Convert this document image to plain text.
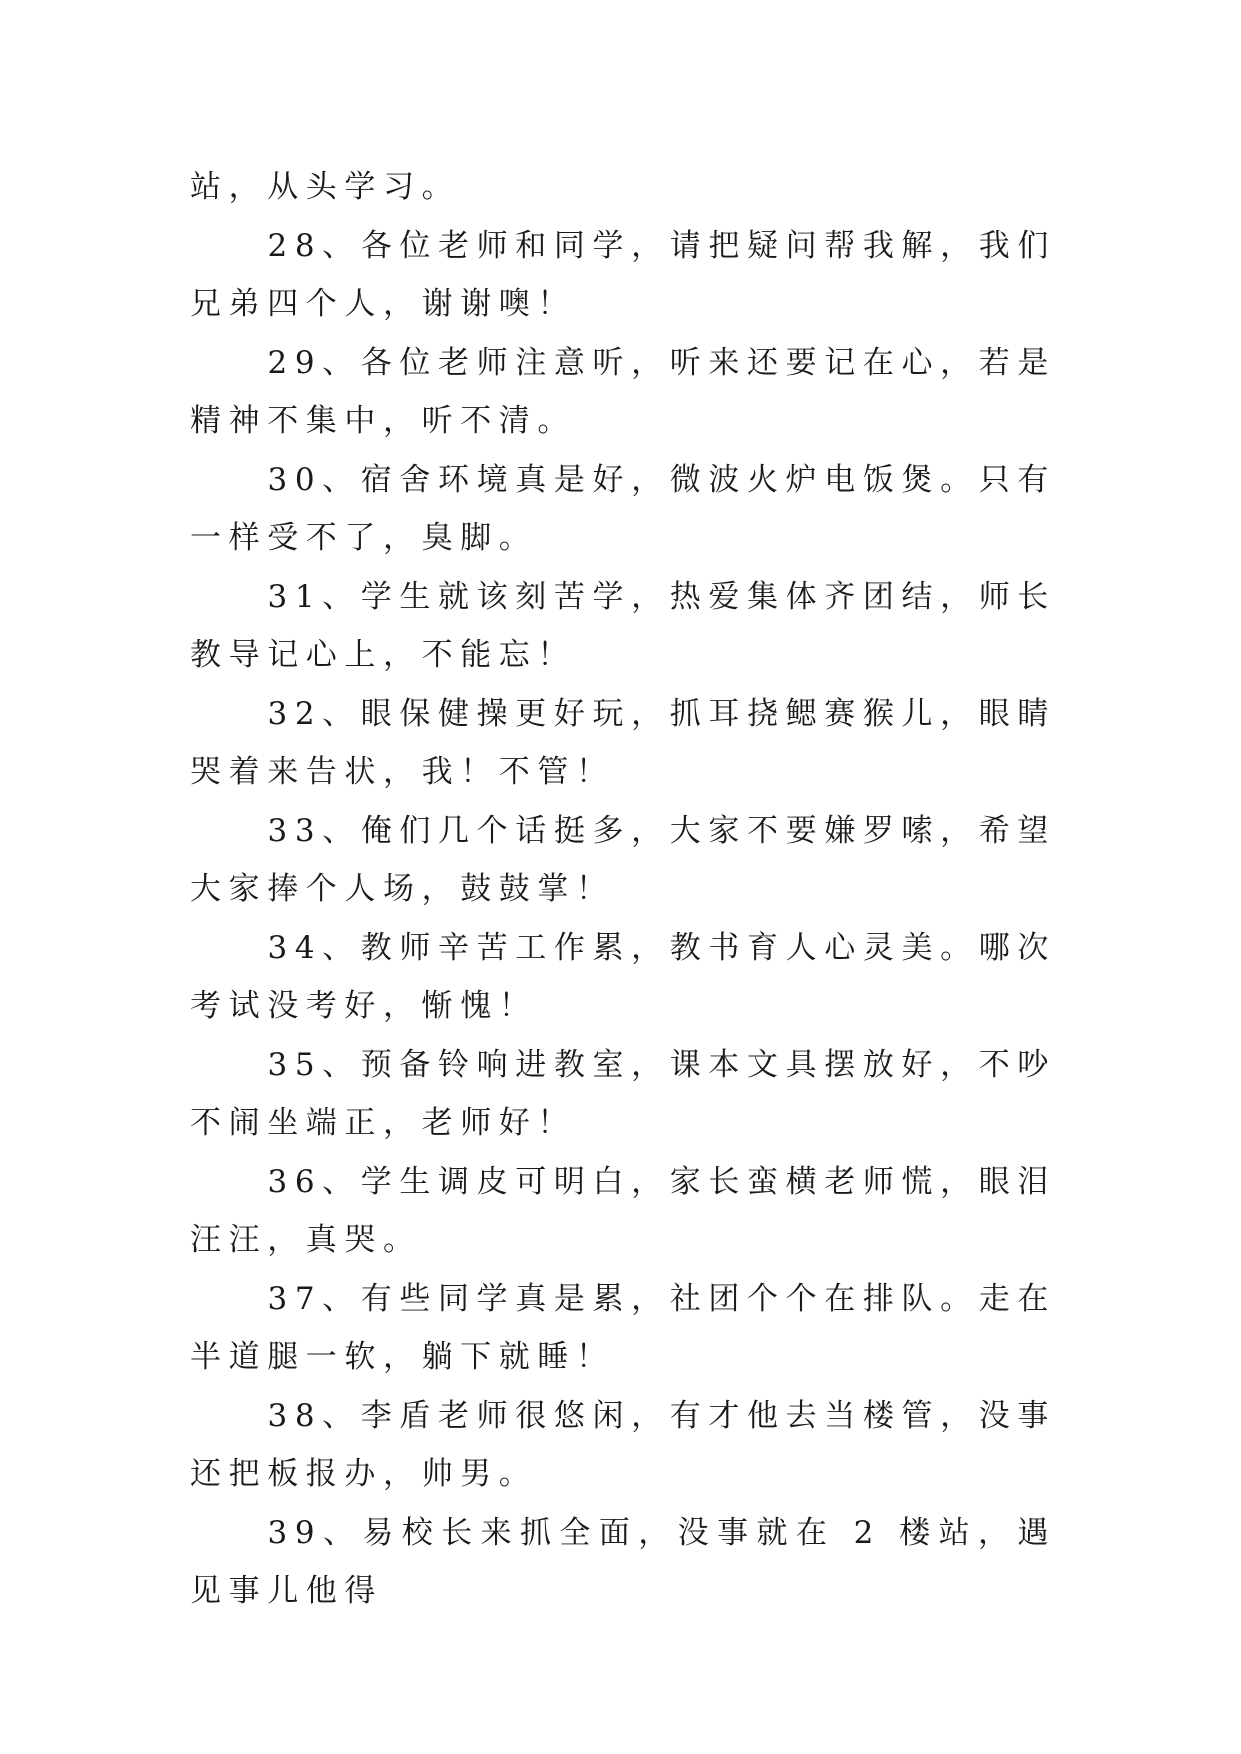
站，从头学习。

28、各位老师和同学，请把疑问帮我解，我们兄弟四个人，谢谢噢！

29、各位老师注意听，听来还要记在心，若是精神不集中，听不清。

30、宿舍环境真是好，微波火炉电饭煲。只有一样受不了，臭脚。

31、学生就该刻苦学，热爱集体齐团结，师长教导记心上，不能忘！

32、眼保健操更好玩，抓耳挠鳃赛猴儿，眼睛哭着来告状，我！不管！

33、俺们几个话挺多，大家不要嫌罗嗦，希望大家捧个人场，鼓鼓掌！

34、教师辛苦工作累，教书育人心灵美。哪次考试没考好，惭愧！

35、预备铃响进教室，课本文具摆放好，不吵不闹坐端正，老师好！

36、学生调皮可明白，家长蛮横老师慌，眼泪汪汪，真哭。

37、有些同学真是累，社团个个在排队。走在半道腿一软，躺下就睡！

38、李盾老师很悠闲，有才他去当楼管，没事还把板报办，帅男。

39、易校长来抓全面，没事就在 2 楼站，遇见事儿他得
